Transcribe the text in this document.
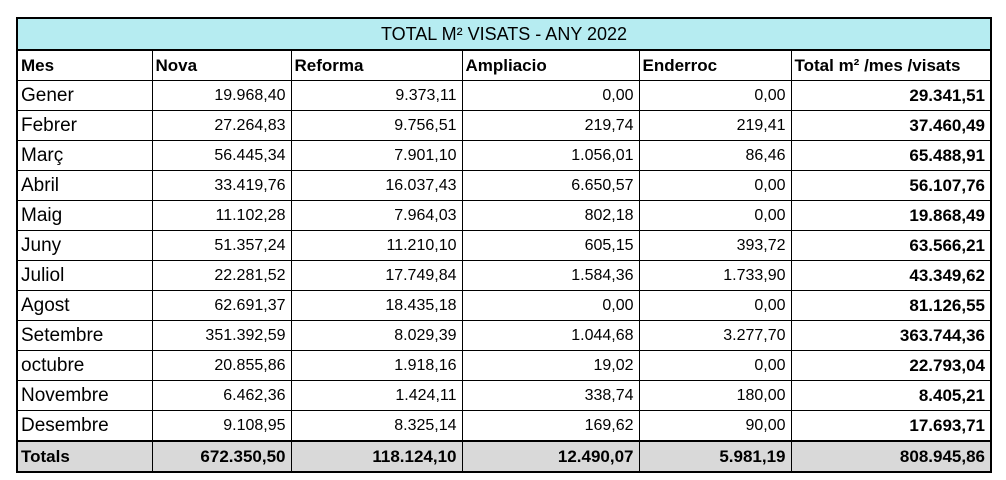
TOTAL M² VISATS - ANY 2022					
Mes	Nova	Reforma	Ampliacio	Enderroc	Total m² /mes /visats
Gener	19.968,40	9.373,11	0,00	0,00	29.341,51
Febrer	27.264,83	9.756,51	219,74	219,41	37.460,49
Març	56.445,34	7.901,10	1.056,01	86,46	65.488,91
Abril	33.419,76	16.037,43	6.650,57	0,00	56.107,76
Maig	11.102,28	7.964,03	802,18	0,00	19.868,49
Juny	51.357,24	11.210,10	605,15	393,72	63.566,21
Juliol	22.281,52	17.749,84	1.584,36	1.733,90	43.349,62
Agost	62.691,37	18.435,18	0,00	0,00	81.126,55
Setembre	351.392,59	8.029,39	1.044,68	3.277,70	363.744,36
octubre	20.855,86	1.918,16	19,02	0,00	22.793,04
Novembre	6.462,36	1.424,11	338,74	180,00	8.405,21
Desembre	9.108,95	8.325,14	169,62	90,00	17.693,71
Totals	672.350,50	118.124,10	12.490,07	5.981,19	808.945,86
